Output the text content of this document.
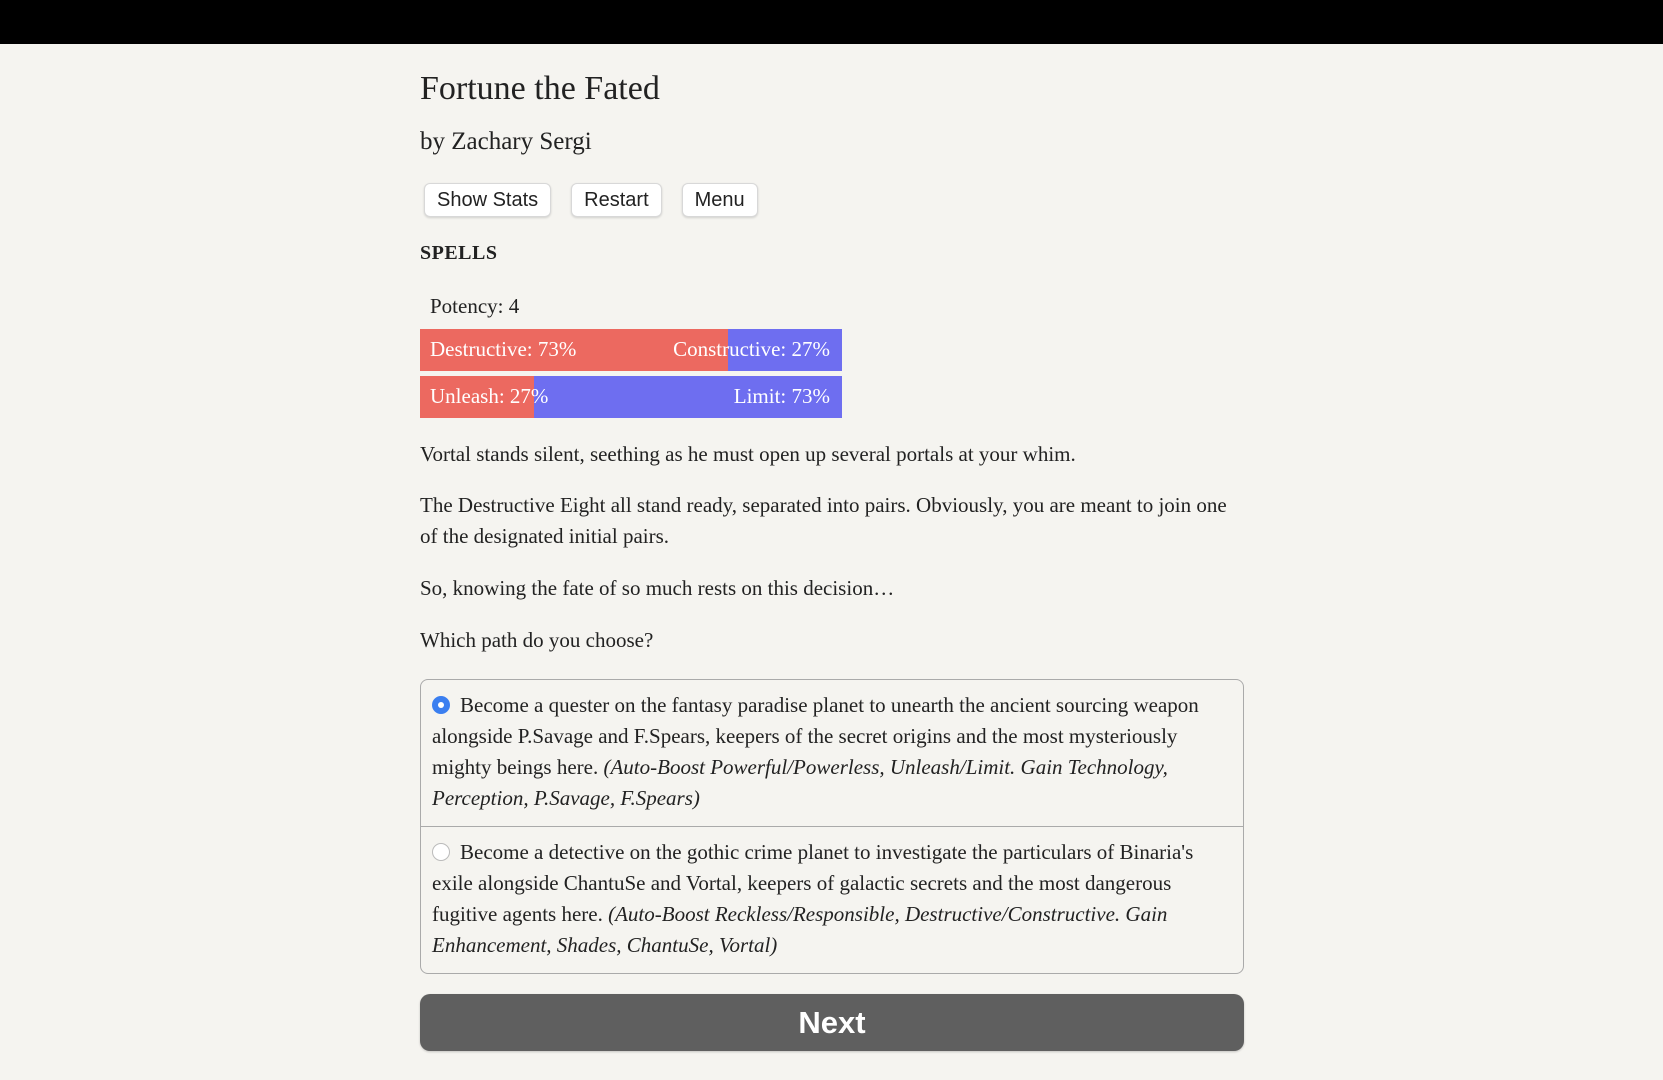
Fortune the Fated
by Zachary Sergi
Show Stats	Restart	Menu
SPELLS
Potency: 4
Destructive: 73%	Constructive: 27%
Unleash: 27%	Limit: 73%

Vortal stands silent, seething as he must open up several portals at your whim.

The Destructive Eight all stand ready, separated into pairs. Obviously, you are meant to join one of the designated initial pairs.

So, knowing the fate of so much rests on this decision…

Which path do you choose?

Become a quester on the fantasy paradise planet to unearth the ancient sourcing weapon alongside P.Savage and F.Spears, keepers of the secret origins and the most mysteriously mighty beings here. (Auto-Boost Powerful/Powerless, Unleash/Limit. Gain Technology, Perception, P.Savage, F.Spears)
Become a detective on the gothic crime planet to investigate the particulars of Binaria's exile alongside ChantuSe and Vortal, keepers of galactic secrets and the most dangerous fugitive agents here. (Auto-Boost Reckless/Responsible, Destructive/Constructive. Gain Enhancement, Shades, ChantuSe, Vortal)
Next
